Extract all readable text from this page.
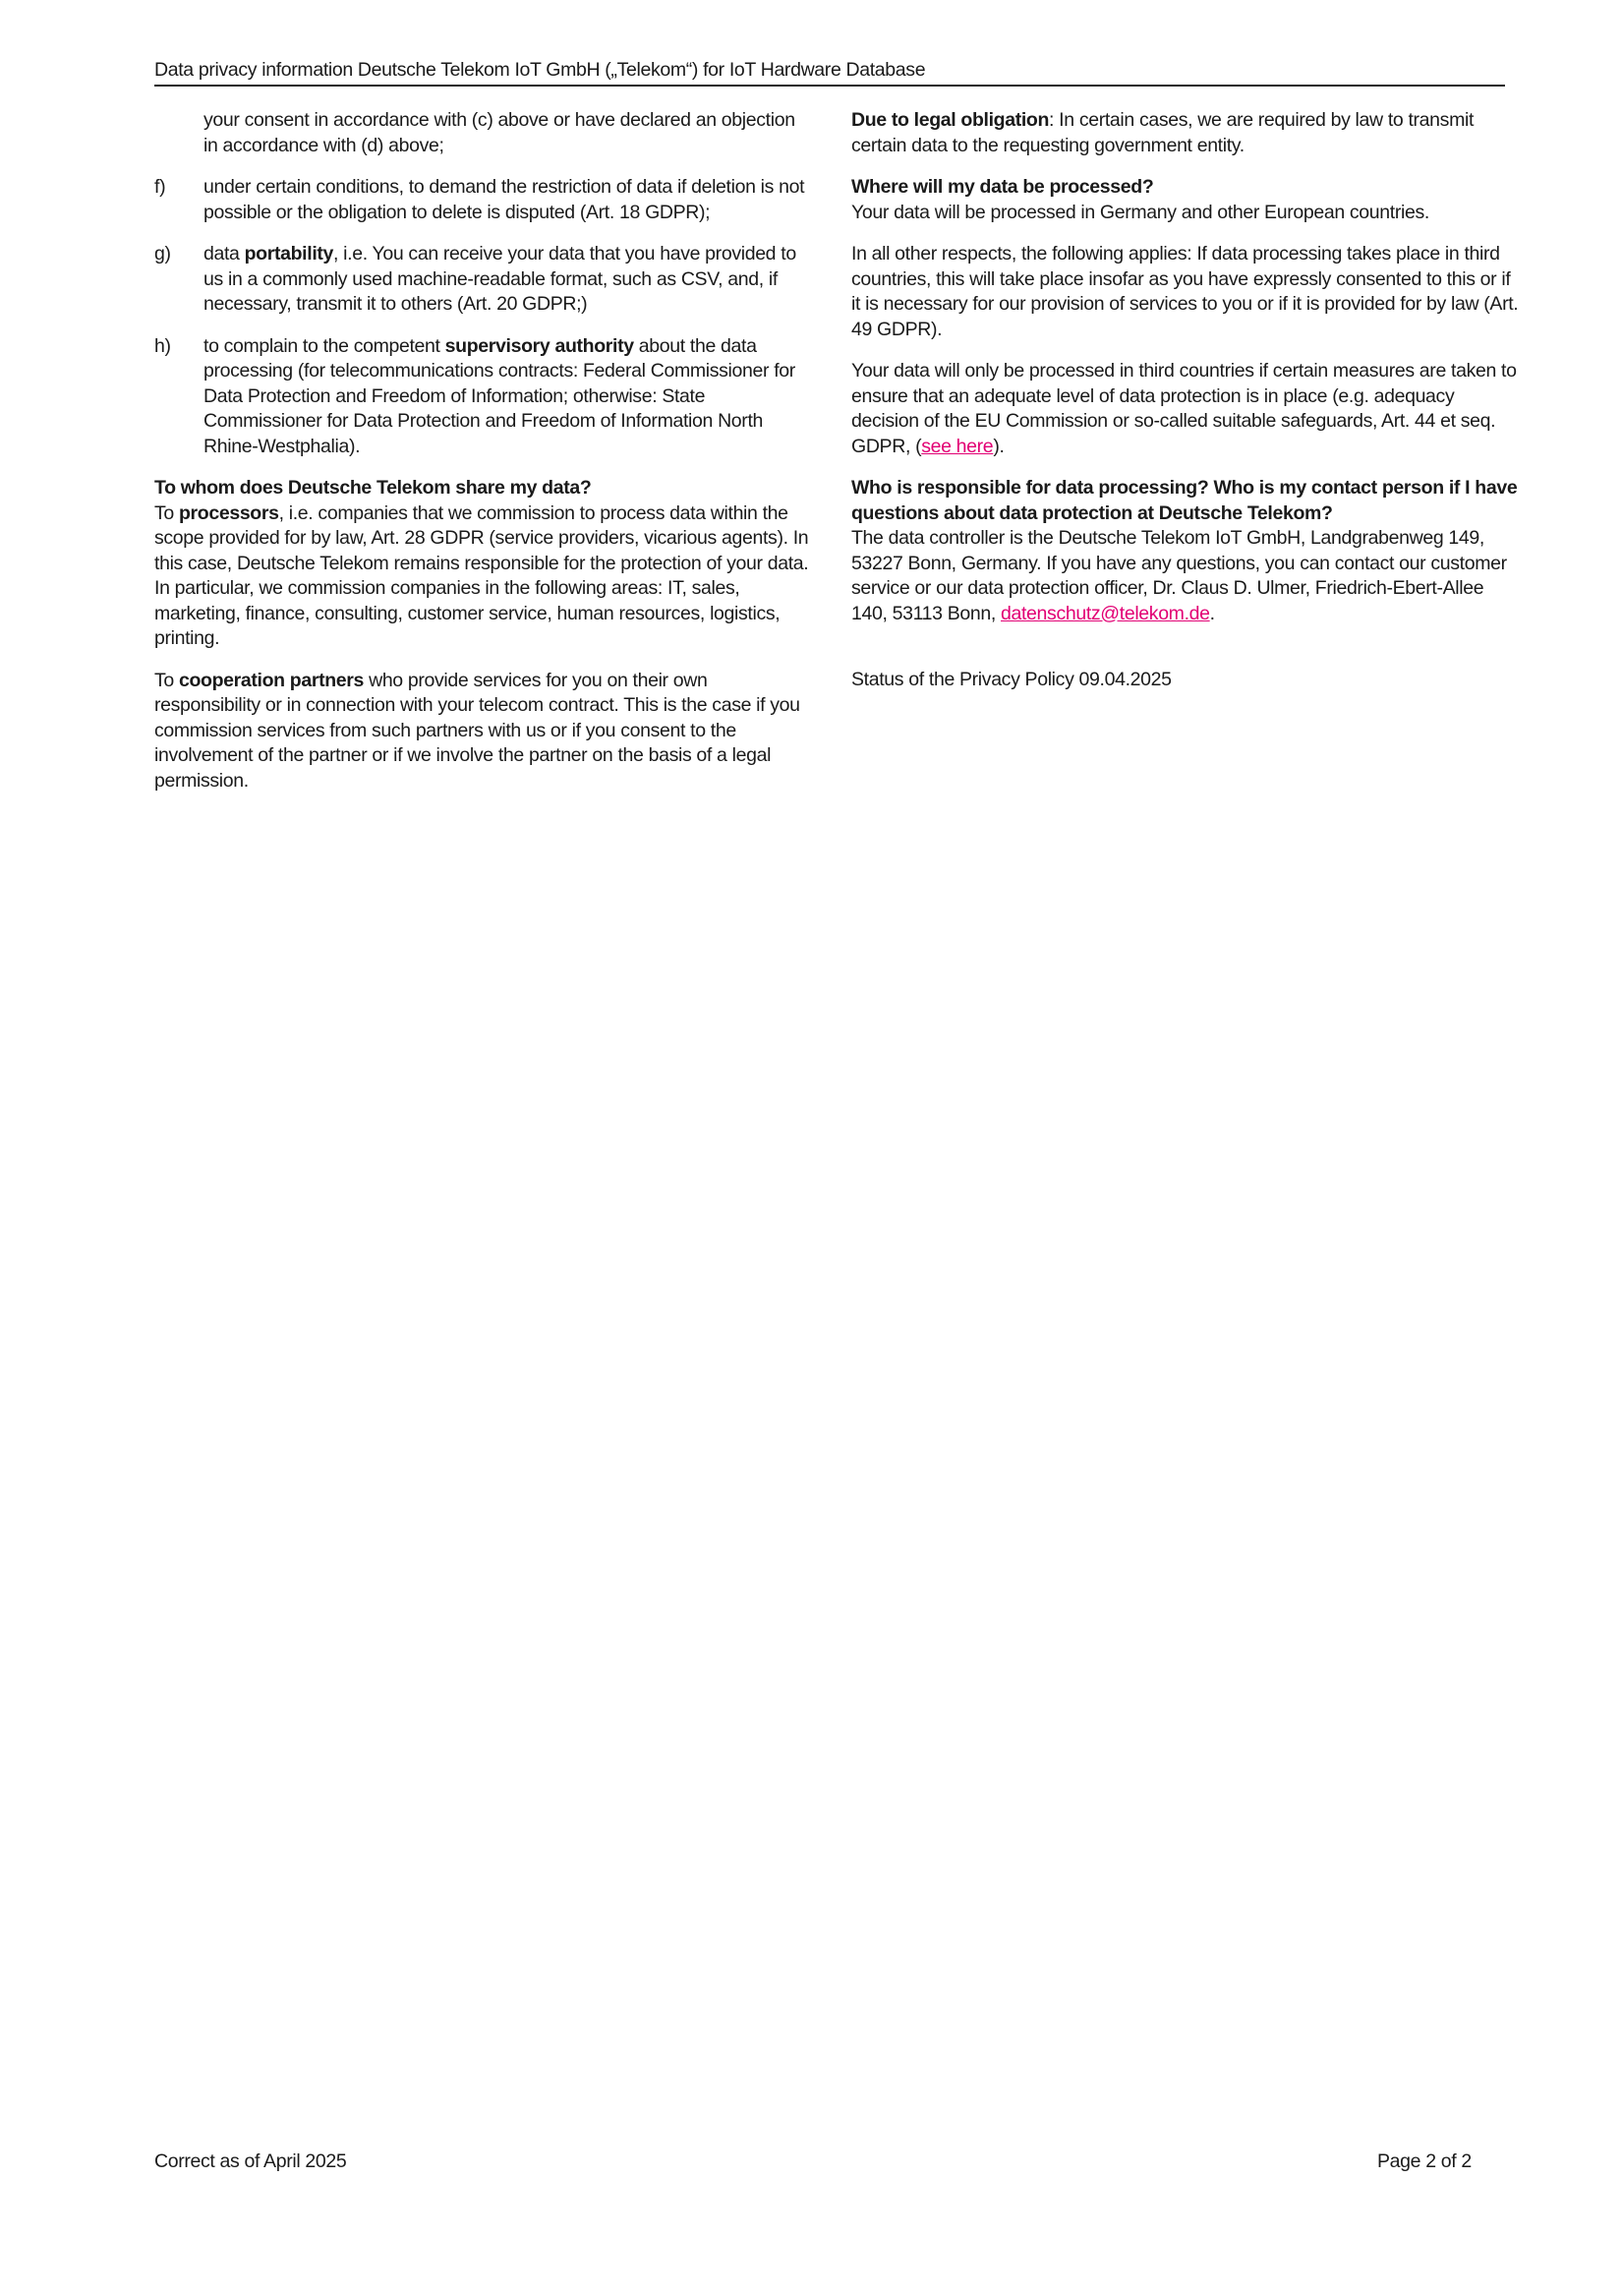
Data privacy information Deutsche Telekom IoT GmbH („Telekom“) for IoT Hardware Database

your consent in accordance with (c) above or have declared an objection in accordance with (d) above;

f)	under certain conditions, to demand the restriction of data if deletion is not possible or the obligation to delete is disputed (Art. 18 GDPR);
g)	data portability, i.e. You can receive your data that you have provided to us in a commonly used machine-readable format, such as CSV, and, if necessary, transmit it to others (Art. 20 GDPR;)
h)	to complain to the competent supervisory authority about the data processing (for telecommunications contracts: Federal Commissioner for Data Protection and Freedom of Information; otherwise: State Commissioner for Data Protection and Freedom of Information North Rhine-Westphalia).

To whom does Deutsche Telekom share my data?

To processors, i.e. companies that we commission to process data within the scope provided for by law, Art. 28 GDPR (service providers, vicarious agents). In this case, Deutsche Telekom remains responsible for the protection of your data. In particular, we commission companies in the following areas: IT, sales, marketing, finance, consulting, customer service, human resources, logistics, printing.

To cooperation partners who provide services for you on their own responsibility or in connection with your telecom contract. This is the case if you commission services from such partners with us or if you consent to the involvement of the partner or if we involve the partner on the basis of a legal permission.

Due to legal obligation: In certain cases, we are required by law to transmit certain data to the requesting government entity.

Where will my data be processed?

Your data will be processed in Germany and other European countries.

In all other respects, the following applies: If data processing takes place in third countries, this will take place insofar as you have expressly consented to this or if it is necessary for our provision of services to you or if it is provided for by law (Art. 49 GDPR).

Your data will only be processed in third countries if certain measures are taken to ensure that an adequate level of data protection is in place (e.g. adequacy decision of the EU Commission or so-called suitable safeguards, Art. 44 et seq. GDPR, (see here).

Who is responsible for data processing? Who is my contact person if I have questions about data protection at Deutsche Telekom?

The data controller is the Deutsche Telekom IoT GmbH, Landgrabenweg 149, 53227 Bonn, Germany. If you have any questions, you can contact our customer service or our data protection officer, Dr. Claus D. Ulmer, Friedrich-Ebert-Allee 140, 53113 Bonn, datenschutz@telekom.de.

Status of the Privacy Policy 09.04.2025

Correct as of April 2025	Page 2 of 2
